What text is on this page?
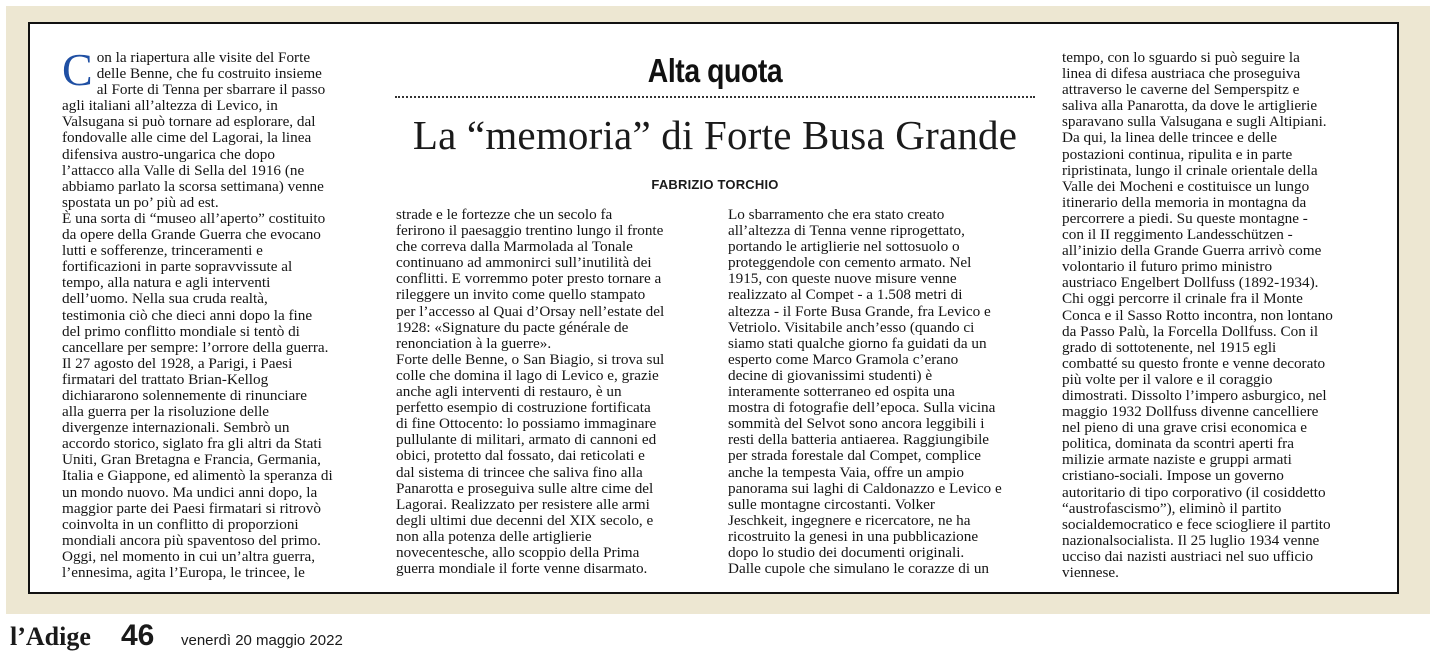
Con la riapertura alle visite del Forte
delle Benne, che fu costruito insieme
al Forte di Tenna per sbarrare il passo
agli italiani all’altezza di Levico, in
Valsugana si può tornare ad esplorare, dal
fondovalle alle cime del Lagorai, la linea
difensiva austro-ungarica che dopo
l’attacco alla Valle di Sella del 1916 (ne
abbiamo parlato la scorsa settimana) venne
spostata un po’ più ad est.
È una sorta di “museo all’aperto” costituito
da opere della Grande Guerra che evocano
lutti e sofferenze, trinceramenti e
fortificazioni in parte sopravvissute al
tempo, alla natura e agli interventi
dell’uomo. Nella sua cruda realtà,
testimonia ciò che dieci anni dopo la fine
del primo conflitto mondiale si tentò di
cancellare per sempre: l’orrore della guerra.
Il 27 agosto del 1928, a Parigi, i Paesi
firmatari del trattato Brian-Kellog
dichiararono solennemente di rinunciare
alla guerra per la risoluzione delle
divergenze internazionali. Sembrò un
accordo storico, siglato fra gli altri da Stati
Uniti, Gran Bretagna e Francia, Germania,
Italia e Giappone, ed alimentò la speranza di
un mondo nuovo. Ma undici anni dopo, la
maggior parte dei Paesi firmatari si ritrovò
coinvolta in un conflitto di proporzioni
mondiali ancora più spaventoso del primo.
Oggi, nel momento in cui un’altra guerra,
l’ennesima, agita l’Europa, le trincee, le
Alta quota
La “memoria” di Forte Busa Grande
FABRIZIO TORCHIO
strade e le fortezze che un secolo fa
ferirono il paesaggio trentino lungo il fronte
che correva dalla Marmolada al Tonale
continuano ad ammonirci sull’inutilità dei
conflitti. E vorremmo poter presto tornare a
rileggere un invito come quello stampato
per l’accesso al Quai d’Orsay nell’estate del
1928: «Signature du pacte générale de
renonciation à la guerre».
Forte delle Benne, o San Biagio, si trova sul
colle che domina il lago di Levico e, grazie
anche agli interventi di restauro, è un
perfetto esempio di costruzione fortificata
di fine Ottocento: lo possiamo immaginare
pullulante di militari, armato di cannoni ed
obici, protetto dal fossato, dai reticolati e
dal sistema di trincee che saliva fino alla
Panarotta e proseguiva sulle altre cime del
Lagorai. Realizzato per resistere alle armi
degli ultimi due decenni del XIX secolo, e
non alla potenza delle artiglierie
novecentesche, allo scoppio della Prima
guerra mondiale il forte venne disarmato.
Lo sbarramento che era stato creato
all’altezza di Tenna venne riprogettato,
portando le artiglierie nel sottosuolo o
proteggendole con cemento armato. Nel
1915, con queste nuove misure venne
realizzato al Compet - a 1.508 metri di
altezza - il Forte Busa Grande, fra Levico e
Vetriolo. Visitabile anch’esso (quando ci
siamo stati qualche giorno fa guidati da un
esperto come Marco Gramola c’erano
decine di giovanissimi studenti) è
interamente sotterraneo ed ospita una
mostra di fotografie dell’epoca. Sulla vicina
sommità del Selvot sono ancora leggibili i
resti della batteria antiaerea. Raggiungibile
per strada forestale dal Compet, complice
anche la tempesta Vaia, offre un ampio
panorama sui laghi di Caldonazzo e Levico e
sulle montagne circostanti. Volker
Jeschkeit, ingegnere e ricercatore, ne ha
ricostruito la genesi in una pubblicazione
dopo lo studio dei documenti originali.
Dalle cupole che simulano le corazze di un
tempo, con lo sguardo si può seguire la
linea di difesa austriaca che proseguiva
attraverso le caverne del Semperspitz e
saliva alla Panarotta, da dove le artiglierie
sparavano sulla Valsugana e sugli Altipiani.
Da qui, la linea delle trincee e delle
postazioni continua, ripulita e in parte
ripristinata, lungo il crinale orientale della
Valle dei Mocheni e costituisce un lungo
itinerario della memoria in montagna da
percorrere a piedi. Su queste montagne -
con il II reggimento Landesschützen -
all’inizio della Grande Guerra arrivò come
volontario il futuro primo ministro
austriaco Engelbert Dollfuss (1892-1934).
Chi oggi percorre il crinale fra il Monte
Conca e il Sasso Rotto incontra, non lontano
da Passo Palù, la Forcella Dollfuss. Con il
grado di sottotenente, nel 1915 egli
combatté su questo fronte e venne decorato
più volte per il valore e il coraggio
dimostrati. Dissolto l’impero asburgico, nel
maggio 1932 Dollfuss divenne cancelliere
nel pieno di una grave crisi economica e
politica, dominata da scontri aperti fra
milizie armate naziste e gruppi armati
cristiano-sociali. Impose un governo
autoritario di tipo corporativo (il cosiddetto
“austrofascismo”), eliminò il partito
socialdemocratico e fece sciogliere il partito
nazionalsocialista. Il 25 luglio 1934 venne
ucciso dai nazisti austriaci nel suo ufficio
viennese.
l’Adige 46 venerdì 20 maggio 2022
